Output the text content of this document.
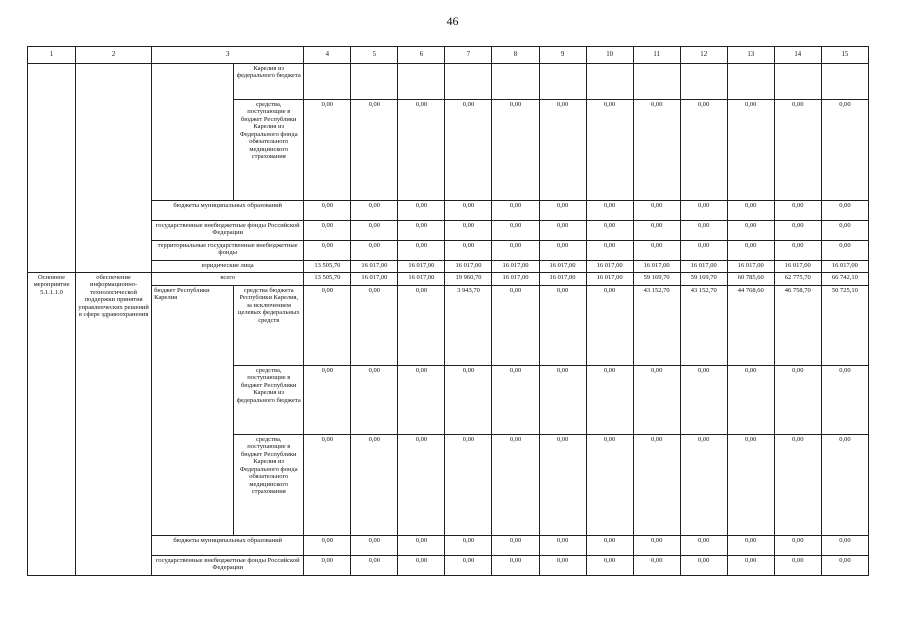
46
1	2	3		4	5	6	7	8	9	10	11	12	13	14	15
			Карелия из федерального бюджета												
			средства, поступающие в бюджет Республики Карелия из Федерального фонда обязательного медицинского страхования	0,00	0,00	0,00	0,00	0,00	0,00	0,00	0,00	0,00	0,00	0,00	0,00
		бюджеты муниципальных образований		0,00	0,00	0,00	0,00	0,00	0,00	0,00	0,00	0,00	0,00	0,00	0,00
		государственные внебюджетные фонды Российской Федерации		0,00	0,00	0,00	0,00	0,00	0,00	0,00	0,00	0,00	0,00	0,00	0,00
		территориальные государственные внебюджетные фонды		0,00	0,00	0,00	0,00	0,00	0,00	0,00	0,00	0,00	0,00	0,00	0,00
		юридические лица		13 505,70	16 017,00	16 017,00	16 017,00	16 017,00	16 017,00	16 017,00	16 017,00	16 017,00	16 017,00	16 017,00	16 017,00
Основное мероприятие 5.1.1.1.0	обеспечение информационно-технологической поддержки принятия управленческих решений в сфере здравоохранения	всего		13 505,70	16 017,00	16 017,00	19 960,70	16 017,00	16 017,00	16 017,00	59 169,70	59 169,70	60 785,60	62 775,70	66 742,10
		бюджет Республики Карелия	средства бюджета Республики Карелия, за исключением целевых федеральных средств	0,00	0,00	0,00	3 943,70	0,00	0,00	0,00	43 152,70	43 152,70	44 768,60	46 758,70	50 725,10
			средства, поступающие в бюджет Республики Карелия из федерального бюджета	0,00	0,00	0,00	0,00	0,00	0,00	0,00	0,00	0,00	0,00	0,00	0,00
			средства, поступающие в бюджет Республики Карелия из Федерального фонда обязательного медицинского страхования	0,00	0,00	0,00	0,00	0,00	0,00	0,00	0,00	0,00	0,00	0,00	0,00
		бюджеты муниципальных образований		0,00	0,00	0,00	0,00	0,00	0,00	0,00	0,00	0,00	0,00	0,00	0,00
		государственные внебюджетные фонды Российской Федерации		0,00	0,00	0,00	0,00	0,00	0,00	0,00	0,00	0,00	0,00	0,00	0,00
